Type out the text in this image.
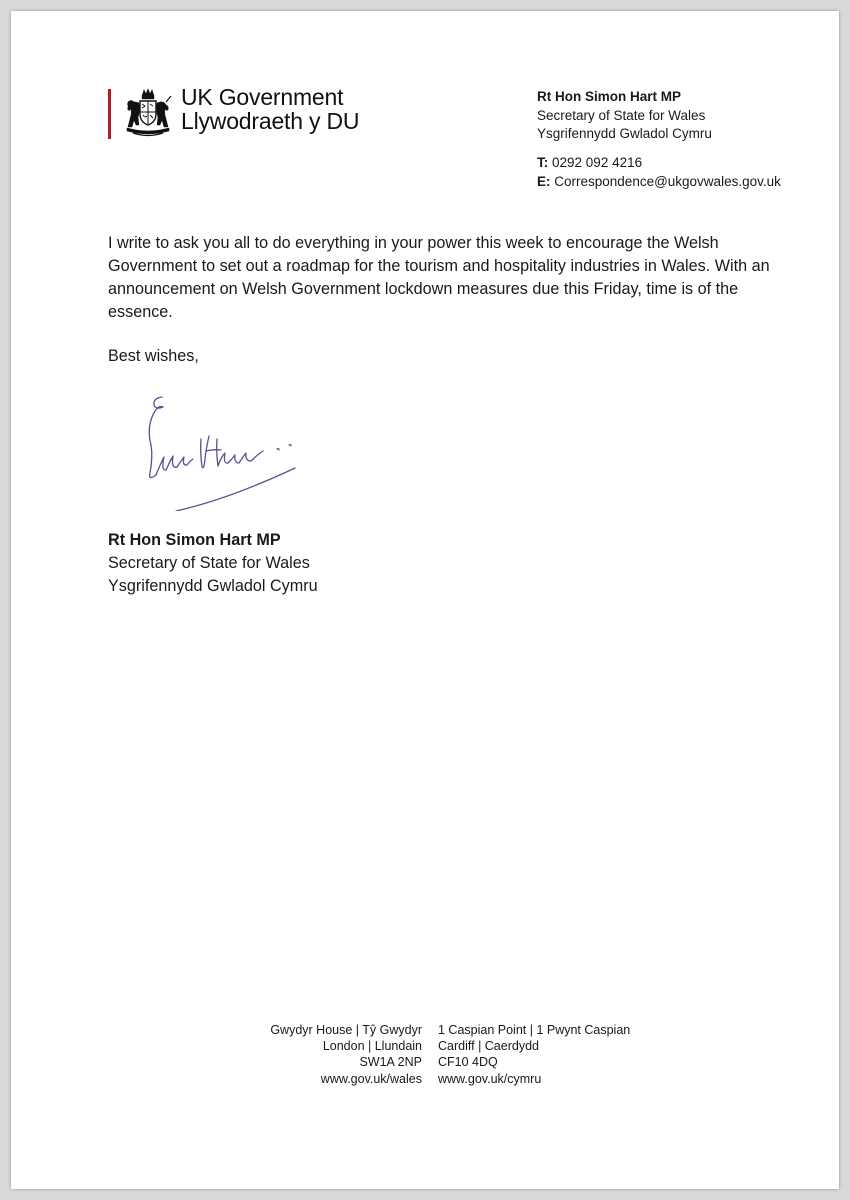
UK Government
Llywodraeth y DU
Rt Hon Simon Hart MP
Secretary of State for Wales
Ysgrifennydd Gwladol Cymru
T: 0292 092 4216
E: Correspondence@ukgovwales.gov.uk
I write to ask you all to do everything in your power this week to encourage the Welsh Government to set out a roadmap for the tourism and hospitality industries in Wales. With an announcement on Welsh Government lockdown measures due this Friday, time is of the essence.
Best wishes,
Rt Hon Simon Hart MP
Secretary of State for Wales
Ysgrifennydd Gwladol Cymru
Gwydyr House | Tŷ Gwydyr
London | Llundain
SW1A 2NP
www.gov.uk/wales
1 Caspian Point | 1 Pwynt Caspian
Cardiff | Caerdydd
CF10 4DQ
www.gov.uk/cymru
